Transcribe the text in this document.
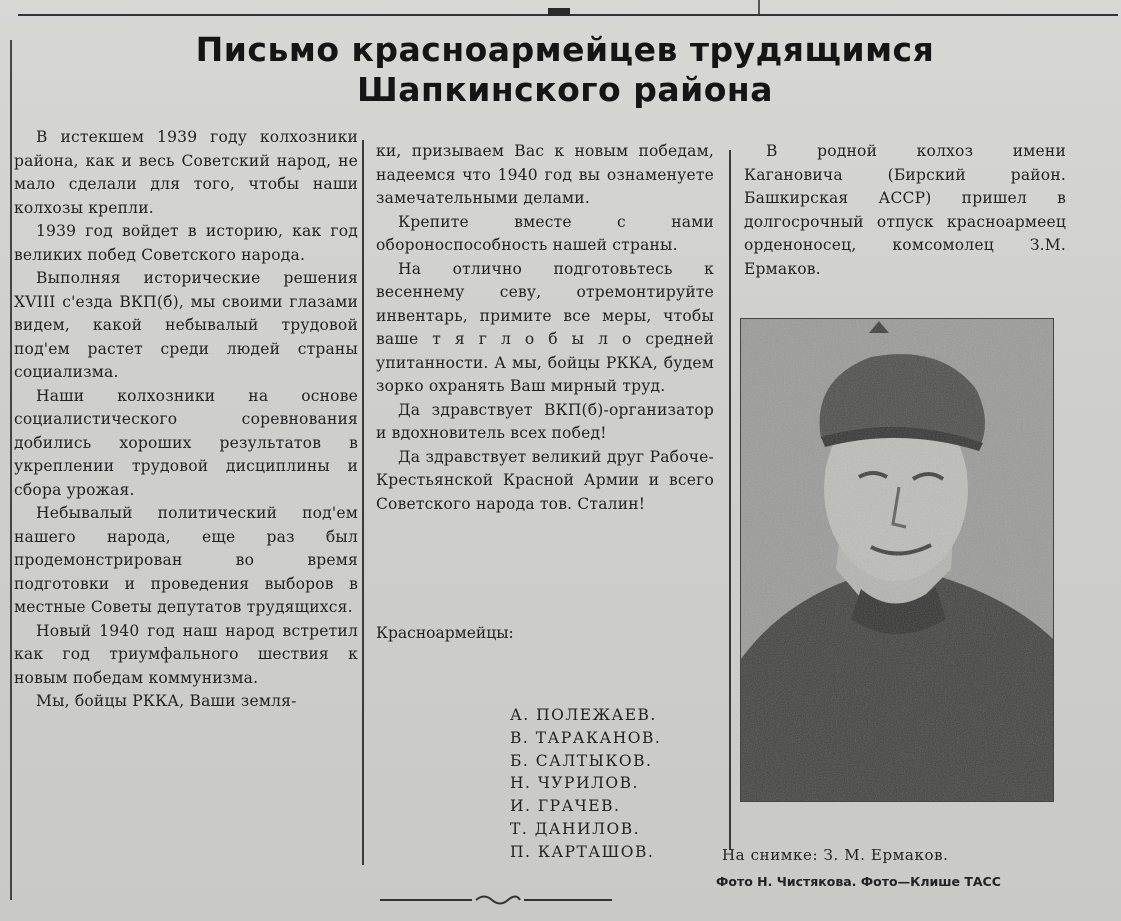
Письмо красноармейцев трудящимся
Шапкинского района

В истекшем 1939 году колхозники района, как и весь Советский народ, не мало сделали для того, чтобы наши колхозы крепли.

1939 год войдет в историю, как год великих побед Советского народа.

Выполняя исторические решения XVIII с'езда ВКП(б), мы своими глазами видем, какой небывалый трудовой под'ем растет среди людей страны социализма.

Наши колхозники на основе социалистического соревнования добились хороших результатов в укреплении трудовой дисциплины и сбора урожая.

Небывалый политический под'ем нашего народа, еще раз был продемонстрирован во время подготовки и проведения выборов в местные Советы депутатов трудящихся.

Новый 1940 год наш народ встретил как год триумфального шествия к новым победам коммунизма.

Мы, бойцы РККА, Ваши земля-

ки, призываем Вас к новым победам, надеемся что 1940 год вы ознаменуете замечательными делами.

Крепите вместе с нами обороноспособность нашей страны.

На отлично подготовьтесь к весеннему севу, отремонтируйте инвентарь, примите все меры, чтобы ваше т я г л о б ы л о средней упитанности. А мы, бойцы РККА, будем зорко охранять Ваш мирный труд.

Да здравствует ВКП(б)-организатор и вдохновитель всех побед!

Да здравствует великий друг Рабоче-Крестьянской Красной Армии и всего Советского народа тов. Сталин!

Красноармейцы:
А. ПОЛЕЖАЕВ.
В. ТАРАКАНОВ.
Б. САЛТЫКОВ.
Н. ЧУРИЛОВ.
И. ГРАЧЕВ.
Т. ДАНИЛОВ.
П. КАРТАШОВ.

В родной колхоз имени Кагановича (Бирский район. Башкирская АССР) пришел в долгосрочный отпуск красноармеец орденоносец, комсомолец З.М. Ермаков.

На снимке: З. М. Ермаков.
Фото Н. Чистякова. Фото—Клише ТАСС
